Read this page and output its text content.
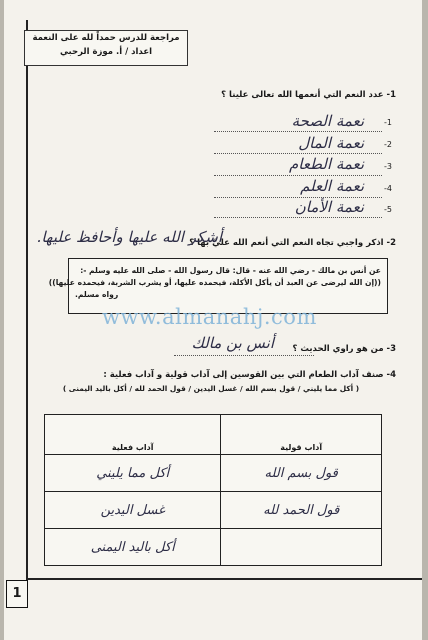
مراجعة للدرس حمداً لله على النعمة
اعداد / أ. موزة الرحبي
1- عدد النعم التي أنعمها الله تعالى علينا ؟
1-
نعمة الصحة
2-
نعمة المال
3-
نعمة الطعام
4-
نعمة العلم
5-
نعمة الأمان
2- اذكر واجبي تجاه النعم التي أنعم الله عليَّ بها ؟
أشكر الله عليها وأحافظ عليها.
عن أنس بن مالك - رضي الله عنه - قال: قال رسول الله - صلى الله عليه وسلم -:
((إن الله ليرضى عن العبد أن يأكل الأكلة، فيحمده عليها، أو يشرب الشربة، فيحمده عليها))
رواه مسلم.
www.almanahj.com
3- من هو راوي الحديث ؟
أنس بن مالك
4- صنف آداب الطعام التي بين القوسين إلى آداب قولية و آداب فعلية :
( أكل مما يليني / قول بسم الله / غسل اليدين / قول الحمد لله / أكل باليد اليمنى )
آداب قولية	آداب فعلية
قول بسم الله	أكل مما يليني
قول الحمد لله	غسل اليدين
	أكل باليد اليمنى
1
